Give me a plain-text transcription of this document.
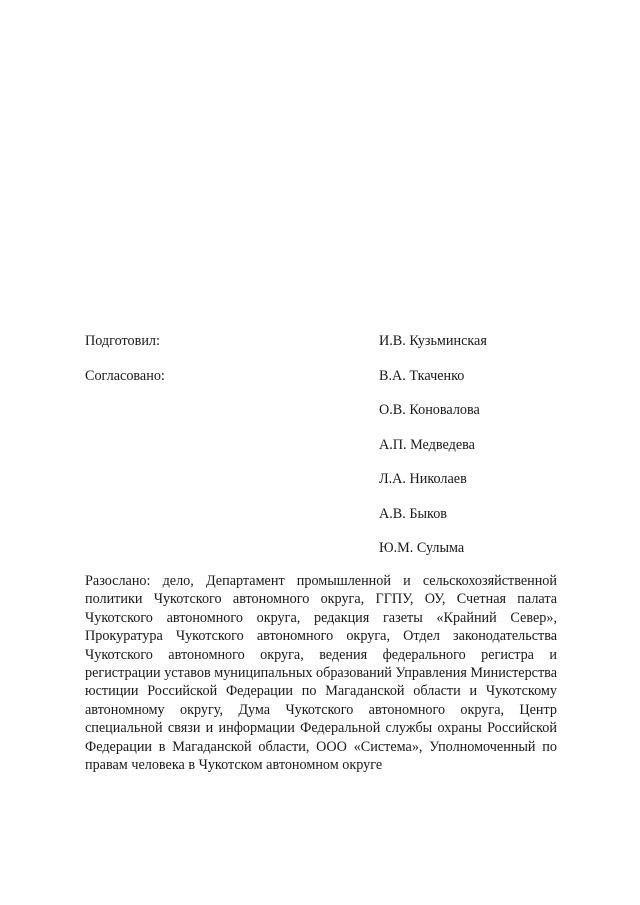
Подготовил:	И.В. Кузьминская
Согласовано:	В.А. Ткаченко
О.В. Коновалова
А.П. Медведева
Л.А. Николаев
А.В. Быков
Ю.М. Сулыма
Разослано: дело, Департамент промышленной и сельскохозяйственной политики Чукотского автономного округа, ГГПУ, ОУ, Счетная палата Чукотского автономного округа, редакция газеты «Крайний Север», Прокуратура Чукотского автономного округа, Отдел законодательства Чукотского автономного округа, ведения федерального регистра и регистрации уставов муниципальных образований Управления Министерства юстиции Российской Федерации по Магаданской области и Чукотскому автономному округу, Дума Чукотского автономного округа, Центр специальной связи и информации Федеральной службы охраны Российской Федерации в Магаданской области, ООО «Система», Уполномоченный по правам человека в Чукотском автономном округе
